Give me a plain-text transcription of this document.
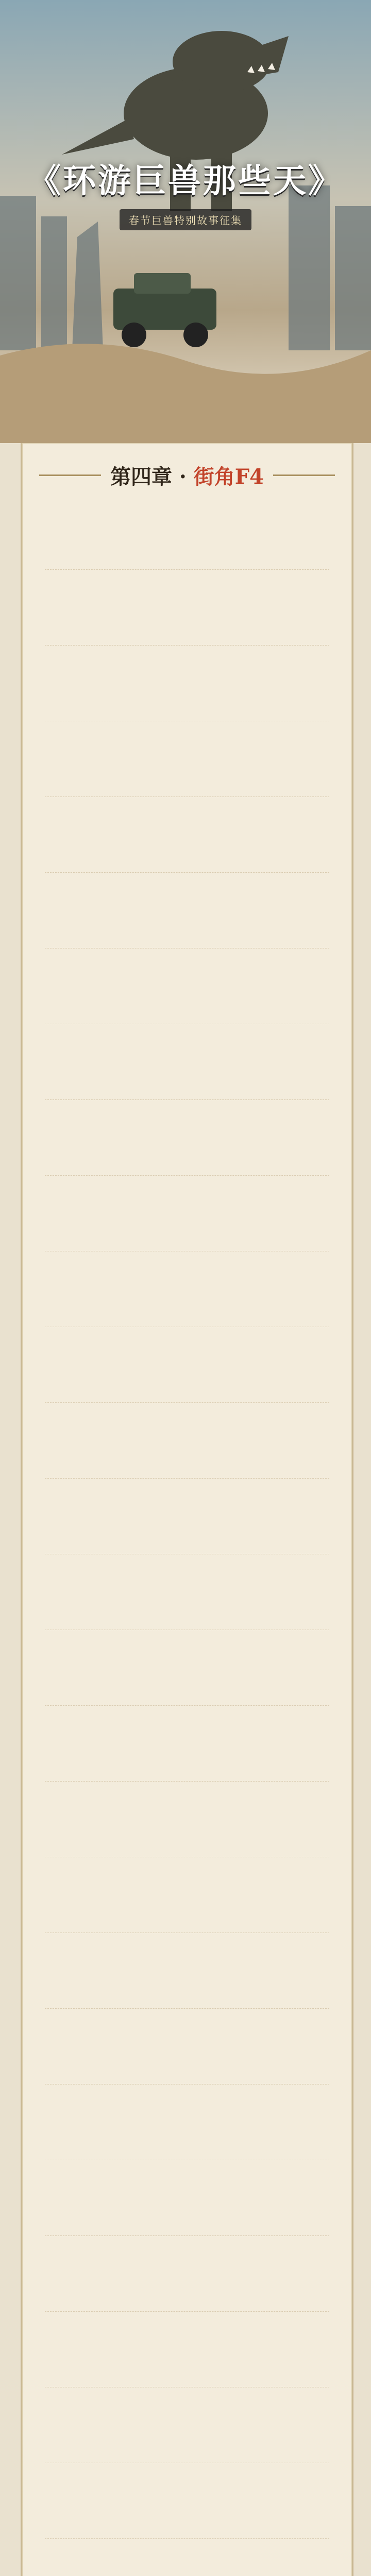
《环游巨兽那些天》
春节巨兽特别故事征集
第四章 · 街角F4
